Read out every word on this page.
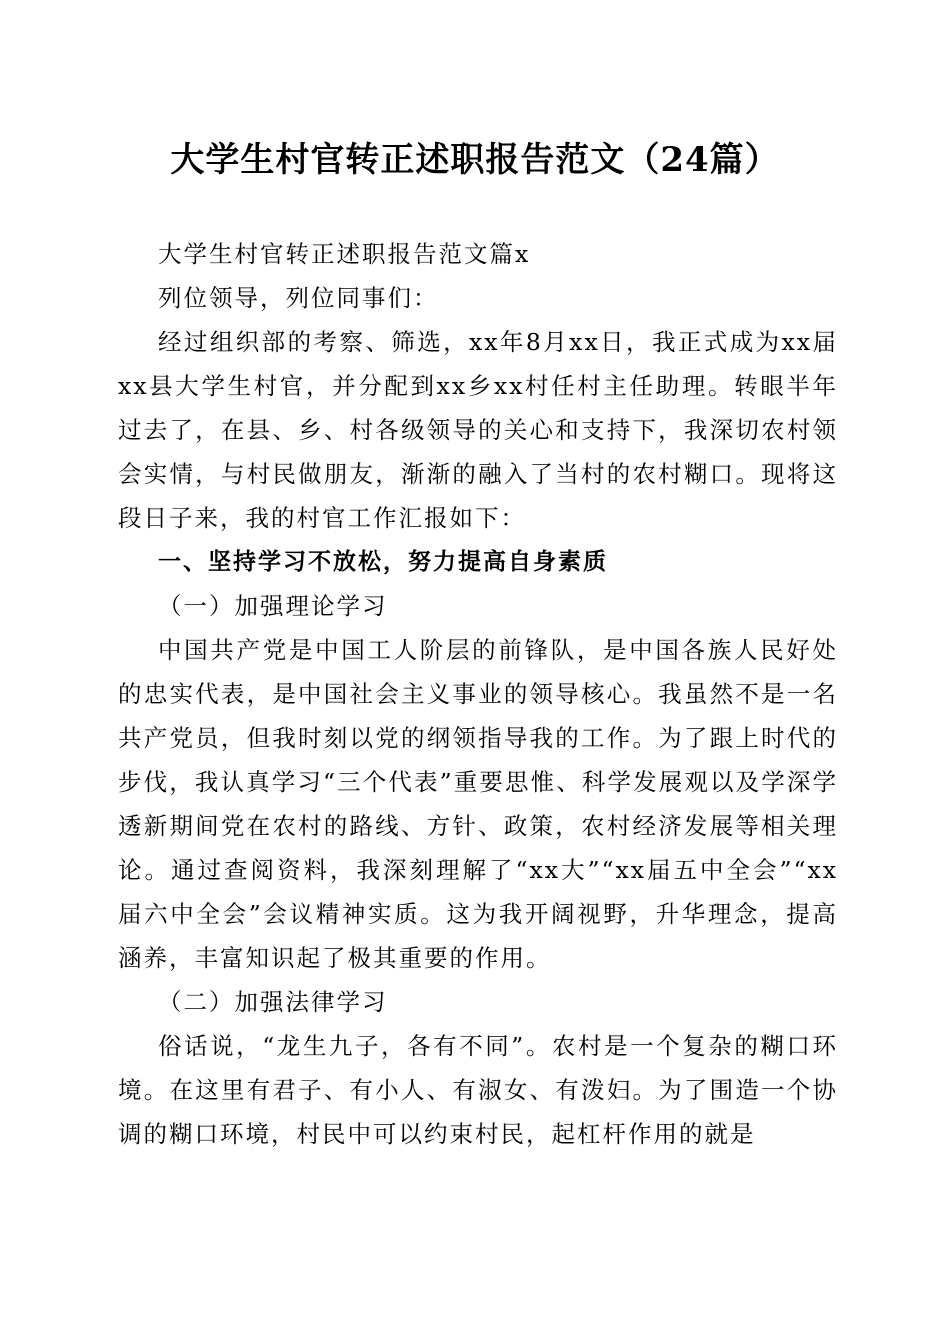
大学生村官转正述职报告范文（24篇）

大学生村官转正述职报告范文篇x

列位领导，列位同事们：

经过组织部的考察、筛选，xx年8月xx日，我正式成为xx届xx县大学生村官，并分配到xx乡xx村任村主任助理。转眼半年过去了，在县、乡、村各级领导的关心和支持下，我深切农村领会实情，与村民做朋友，渐渐的融入了当村的农村糊口。现将这段日子来，我的村官工作汇报如下：

一、坚持学习不放松，努力提高自身素质

（一）加强理论学习

中国共产党是中国工人阶层的前锋队，是中国各族人民好处的忠实代表，是中国社会主义事业的领导核心。我虽然不是一名共产党员，但我时刻以党的纲领指导我的工作。为了跟上时代的步伐，我认真学习“三个代表”重要思惟、科学发展观以及学深学透新期间党在农村的路线、方针、政策，农村经济发展等相关理论。通过查阅资料，我深刻理解了“xx大”“xx届五中全会”“xx届六中全会”会议精神实质。这为我开阔视野，升华理念，提高涵养，丰富知识起了极其重要的作用。

（二）加强法律学习

俗话说，“龙生九子，各有不同”。农村是一个复杂的糊口环境。在这里有君子、有小人、有淑女、有泼妇。为了围造一个协调的糊口环境，村民中可以约束村民，起杠杆作用的就是
